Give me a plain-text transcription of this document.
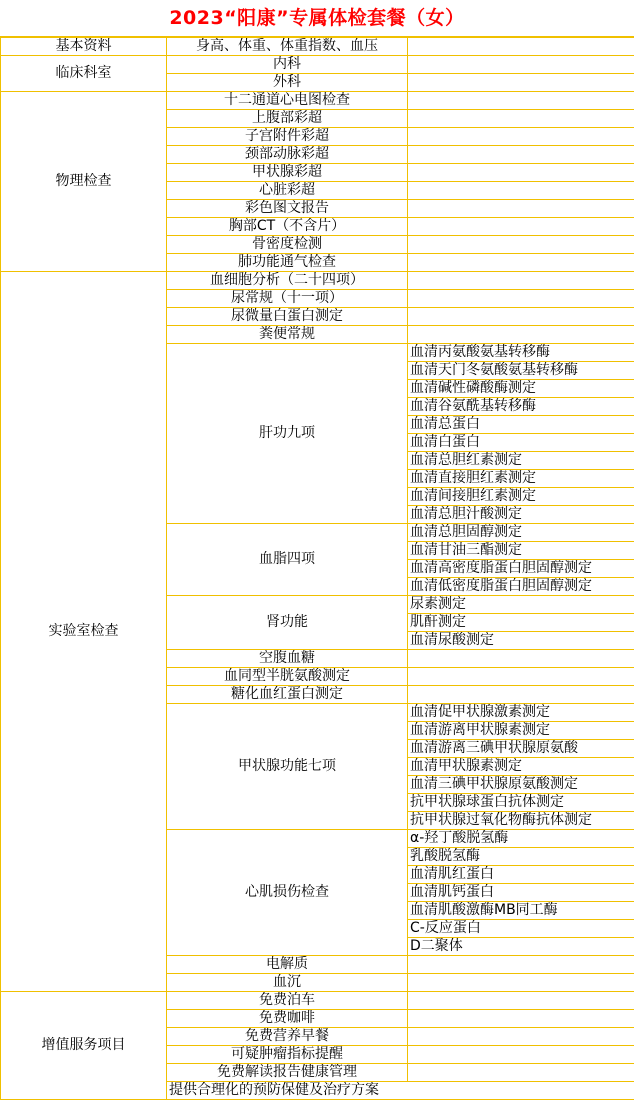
2023“阳康”专属体检套餐（女）
基本资料	身高、体重、体重指数、血压	
临床科室	内科	
	外科	
物理检查	十二通道心电图检查	
	上腹部彩超	
	子宫附件彩超	
	颈部动脉彩超	
	甲状腺彩超	
	心脏彩超	
	彩色图文报告	
	胸部CT（不含片）	
	骨密度检测	
	肺功能通气检查	
实验室检查	血细胞分析（二十四项）	
	尿常规（十一项）	
	尿微量白蛋白测定	
	粪便常规	
	肝功九项	血清丙氨酸氨基转移酶
		血清天门冬氨酸氨基转移酶
		血清碱性磷酸酶测定
		血清谷氨酰基转移酶
		血清总蛋白
		血清白蛋白
		血清总胆红素测定
		血清直接胆红素测定
		血清间接胆红素测定
		血清总胆汁酸测定
	血脂四项	血清总胆固醇测定
		血清甘油三酯测定
		血清高密度脂蛋白胆固醇测定
		血清低密度脂蛋白胆固醇测定
	肾功能	尿素测定
		肌酐测定
		血清尿酸测定
	空腹血糖	
	血同型半胱氨酸测定	
	糖化血红蛋白测定	
	甲状腺功能七项	血清促甲状腺激素测定
		血清游离甲状腺素测定
		血清游离三碘甲状腺原氨酸
		血清甲状腺素测定
		血清三碘甲状腺原氨酸测定
		抗甲状腺球蛋白抗体测定
		抗甲状腺过氧化物酶抗体测定
	心肌损伤检查	α-羟丁酸脱氢酶
		乳酸脱氢酶
		血清肌红蛋白
		血清肌钙蛋白
		血清肌酸激酶MB同工酶
		C-反应蛋白
		D二聚体
	电解质	
	血沉	
增值服务项目	免费泊车	
	免费咖啡	
	免费营养早餐	
	可疑肿瘤指标提醒	
	免费解读报告健康管理	
	提供合理化的预防保健及治疗方案	
